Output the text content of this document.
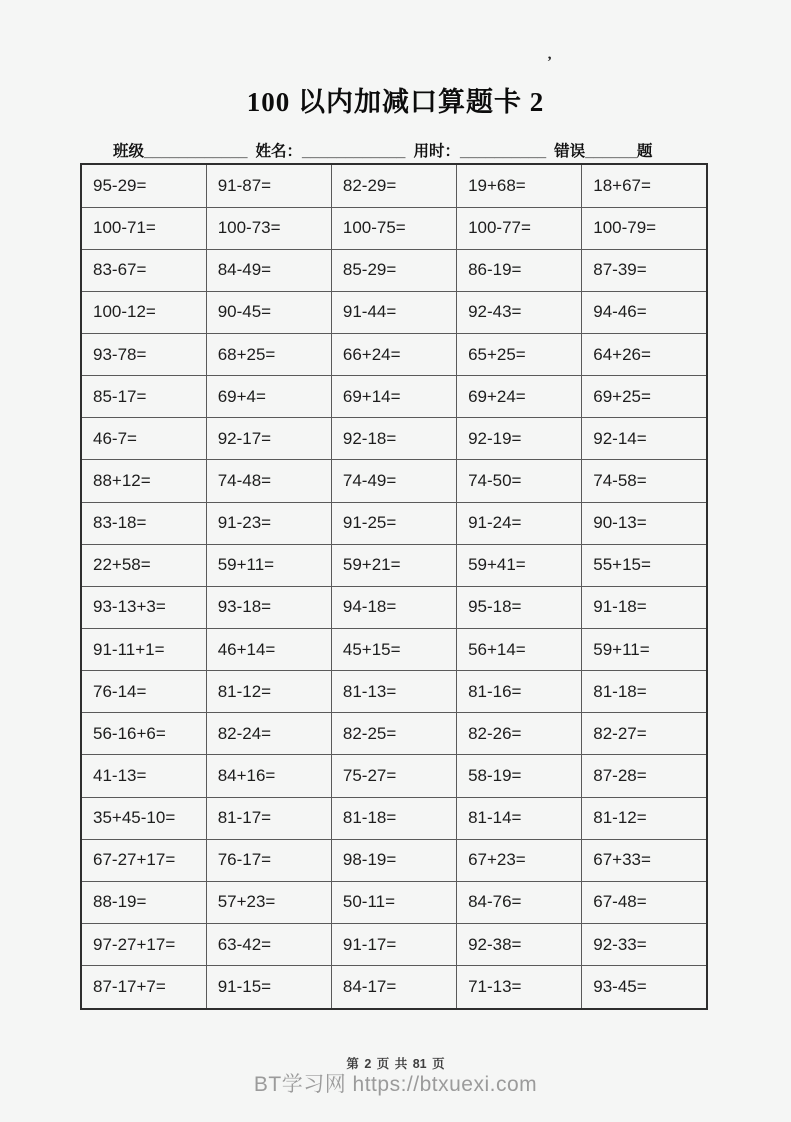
’
100 以内加减口算题卡 2
班级____________ 姓名：____________ 用时：__________ 错误______题
95-29=	91-87=	82-29=	19+68=	18+67=
100-71=	100-73=	100-75=	100-77=	100-79=
83-67=	84-49=	85-29=	86-19=	87-39=
100-12=	90-45=	91-44=	92-43=	94-46=
93-78=	68+25=	66+24=	65+25=	64+26=
85-17=	69+4=	69+14=	69+24=	69+25=
46-7=	92-17=	92-18=	92-19=	92-14=
88+12=	74-48=	74-49=	74-50=	74-58=
83-18=	91-23=	91-25=	91-24=	90-13=
22+58=	59+11=	59+21=	59+41=	55+15=
93-13+3=	93-18=	94-18=	95-18=	91-18=
91-11+1=	46+14=	45+15=	56+14=	59+11=
76-14=	81-12=	81-13=	81-16=	81-18=
56-16+6=	82-24=	82-25=	82-26=	82-27=
41-13=	84+16=	75-27=	58-19=	87-28=
35+45-10=	81-17=	81-18=	81-14=	81-12=
67-27+17=	76-17=	98-19=	67+23=	67+33=
88-19=	57+23=	50-11=	84-76=	67-48=
97-27+17=	63-42=	91-17=	92-38=	92-33=
87-17+7=	91-15=	84-17=	71-13=	93-45=
第 2 页 共 81 页
BT学习网 https://btxuexi.com
